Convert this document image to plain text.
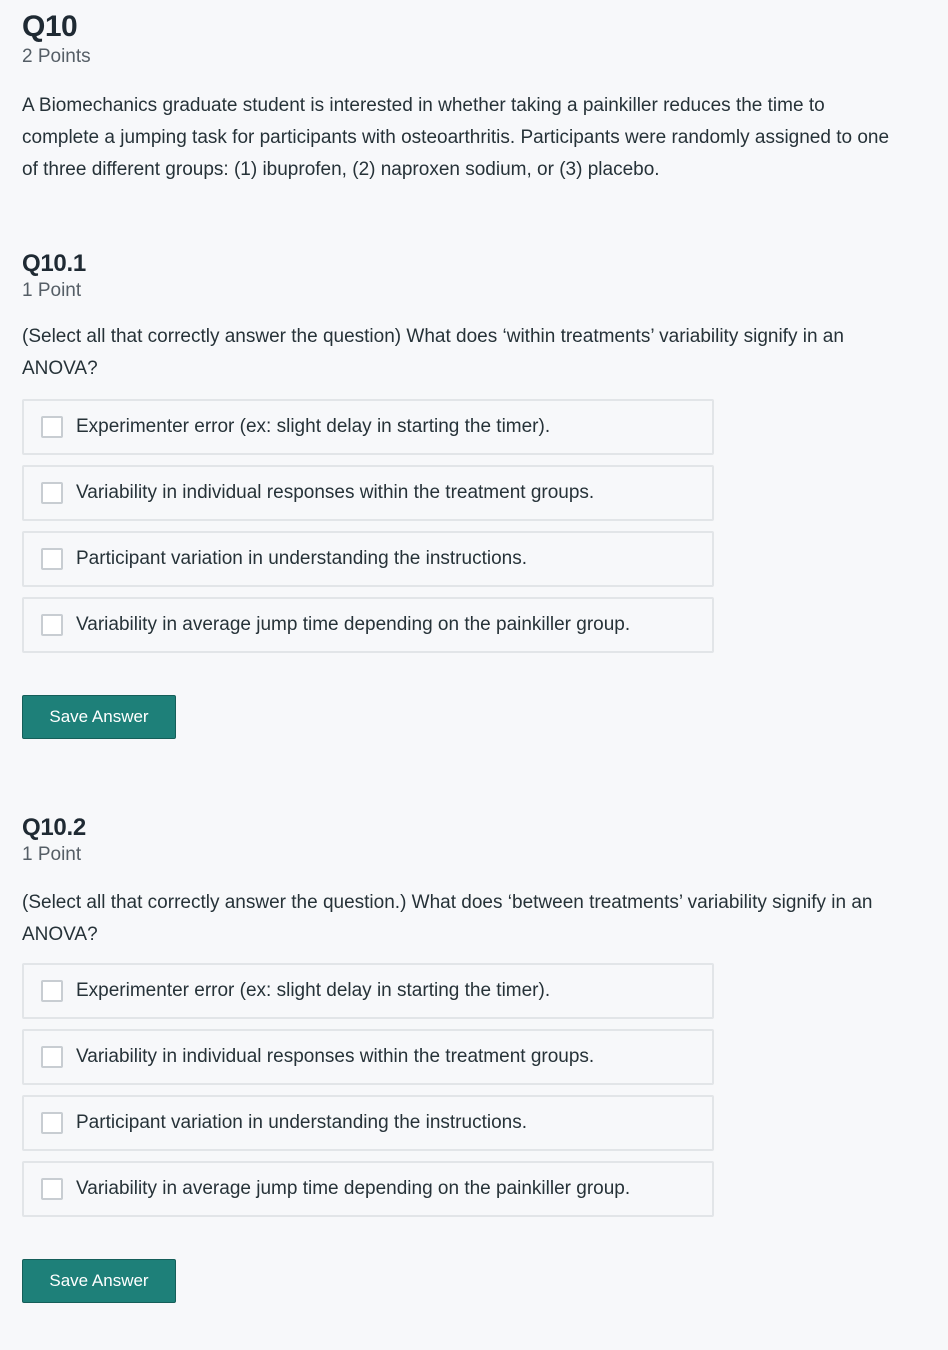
Q10
2 Points

A Biomechanics graduate student is interested in whether taking a painkiller reduces the time to complete a jumping task for participants with osteoarthritis. Participants were randomly assigned to one of three different groups: (1) ibuprofen, (2) naproxen sodium, or (3) placebo.

Q10.1
1 Point

(Select all that correctly answer the question) What does ‘within treatments’ variability signify in an ANOVA?

Experimenter error (ex: slight delay in starting the timer).
Variability in individual responses within the treatment groups.
Participant variation in understanding the instructions.
Variability in average jump time depending on the painkiller group.
Save Answer
Q10.2
1 Point

(Select all that correctly answer the question.) What does ‘between treatments’ variability signify in an ANOVA?

Experimenter error (ex: slight delay in starting the timer).
Variability in individual responses within the treatment groups.
Participant variation in understanding the instructions.
Variability in average jump time depending on the painkiller group.
Save Answer
